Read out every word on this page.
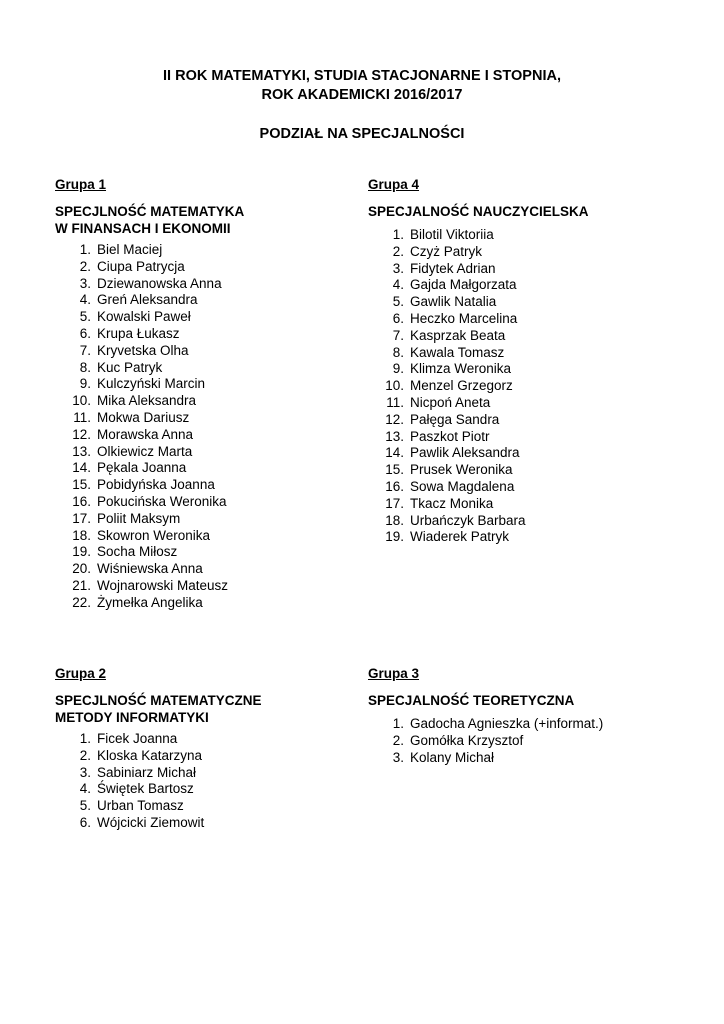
II ROK MATEMATYKI, STUDIA STACJONARNE I STOPNIA,
ROK AKADEMICKI 2016/2017
PODZIAŁ NA SPECJALNOŚCI
Grupa 1
SPECJLNOŚĆ MATEMATYKA
W FINANSACH I EKONOMII
1. Biel Maciej
2. Ciupa Patrycja
3. Dziewanowska Anna
4. Greń Aleksandra
5. Kowalski Paweł
6. Krupa Łukasz
7. Kryvetska Olha
8. Kuc Patryk
9. Kulczyński Marcin
10. Mika Aleksandra
11. Mokwa Dariusz
12. Morawska Anna
13. Olkiewicz Marta
14. Pękala Joanna
15. Pobidyńska Joanna
16. Pokucińska Weronika
17. Poliit Maksym
18. Skowron Weronika
19. Socha Miłosz
20. Wiśniewska Anna
21. Wojnarowski Mateusz
22. Żymełka Angelika
Grupa 4
SPECJALNOŚĆ NAUCZYCIELSKA
1. Bilotil Viktoriia
2. Czyż Patryk
3. Fidytek Adrian
4. Gajda Małgorzata
5. Gawlik Natalia
6. Heczko Marcelina
7. Kasprzak Beata
8. Kawala Tomasz
9. Klimza Weronika
10. Menzel Grzegorz
11. Nicpoń Aneta
12. Pałęga Sandra
13. Paszkot Piotr
14. Pawlik Aleksandra
15. Prusek Weronika
16. Sowa Magdalena
17. Tkacz Monika
18. Urbańczyk Barbara
19. Wiaderek Patryk
Grupa 2
SPECJLNOŚĆ MATEMATYCZNE
METODY INFORMATYKI
1. Ficek Joanna
2. Kloska Katarzyna
3. Sabiniarz Michał
4. Świętek Bartosz
5. Urban Tomasz
6. Wójcicki Ziemowit
Grupa 3
SPECJALNOŚĆ TEORETYCZNA
1. Gadocha Agnieszka (+informat.)
2. Gomółka Krzysztof
3. Kolany Michał
